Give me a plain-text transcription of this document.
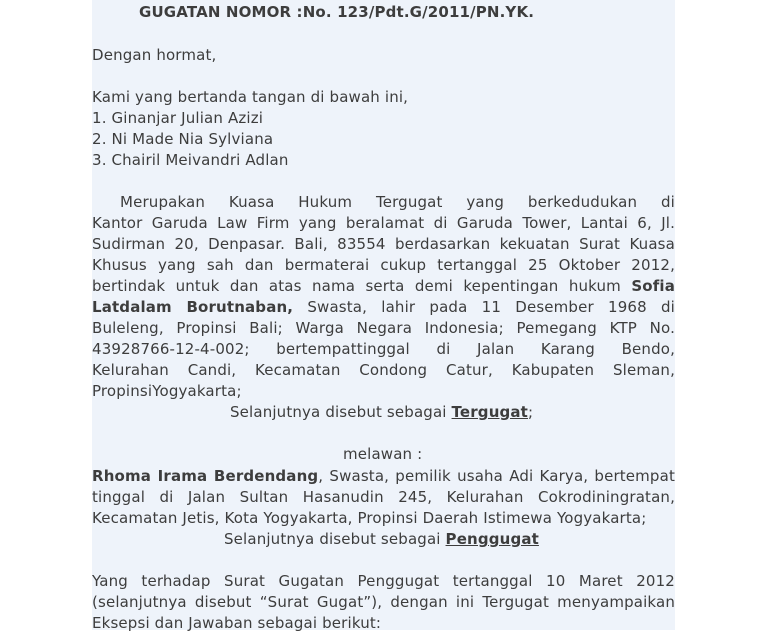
GUGATAN NOMOR :No. 123/Pdt.G/2011/PN.YK.
Dengan hormat,
Kami yang bertanda tangan di bawah ini,
1. Ginanjar Julian Azizi
2. Ni Made Nia Sylviana
3. Chairil Meivandri Adlan
Merupakan Kuasa Hukum Tergugat yang berkedudukan di
Kantor Garuda Law Firm yang beralamat di Garuda Tower, Lantai 6, Jl.
Sudirman 20, Denpasar. Bali, 83554 berdasarkan kekuatan Surat Kuasa
Khusus yang sah dan bermaterai cukup tertanggal 25 Oktober 2012,
bertindak untuk dan atas nama serta demi kepentingan hukum Sofia
Latdalam Borutnaban, Swasta, lahir pada 11 Desember 1968 di
Buleleng, Propinsi Bali; Warga Negara Indonesia; Pemegang KTP No.
43928766-12-4-002; bertempattinggal di Jalan Karang Bendo,
Kelurahan Candi, Kecamatan Condong Catur, Kabupaten Sleman,
PropinsiYogyakarta;
Selanjutnya disebut sebagai Tergugat;
melawan :
Rhoma Irama Berdendang, Swasta, pemilik usaha Adi Karya, bertempat
tinggal di Jalan Sultan Hasanudin 245, Kelurahan Cokrodiningratan,
Kecamatan Jetis, Kota Yogyakarta, Propinsi Daerah Istimewa Yogyakarta;
Selanjutnya disebut sebagai Penggugat
Yang terhadap Surat Gugatan Penggugat tertanggal 10 Maret 2012
(selanjutnya disebut “Surat Gugat”), dengan ini Tergugat menyampaikan
Eksepsi dan Jawaban sebagai berikut:
